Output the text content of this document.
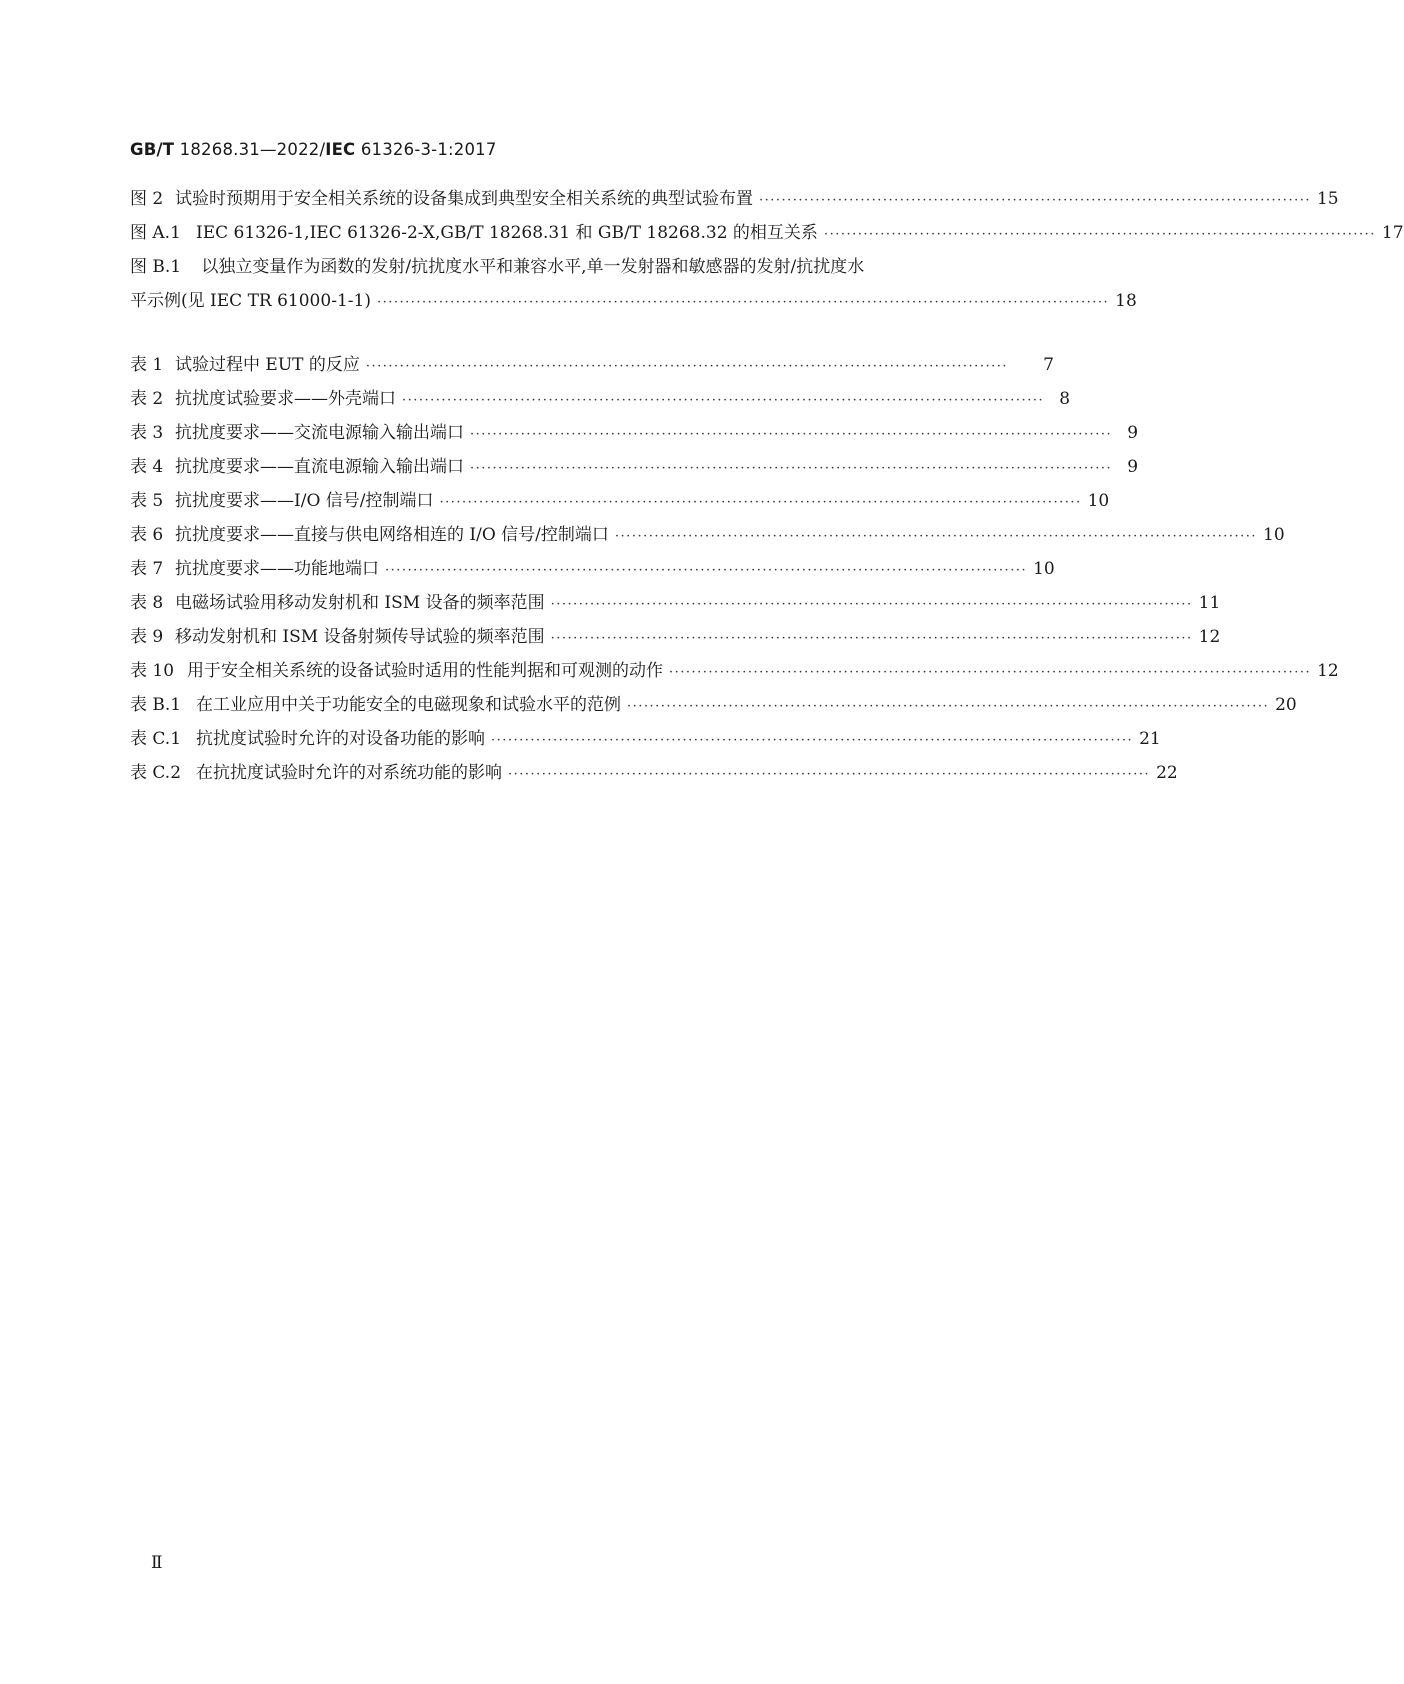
GB/T 18268.31—2022/IEC 61326-3-1:2017
图 2 试验时预期用于安全相关系统的设备集成到典型安全相关系统的典型试验布置 ·································································································· 15
图 A.1 IEC 61326-1,IEC 61326-2-X,GB/T 18268.31 和 GB/T 18268.32 的相互关系 ·································································································· 17
图 B.1 以独立变量作为函数的发射/抗扰度水平和兼容水平,单一发射器和敏感器的发射/抗扰度水
平示例(见 IEC TR 61000-1-1) ·································································································································· 18
表 1 试验过程中 EUT 的反应 ··················································································································	7
表 2 抗扰度试验要求——外壳端口 ·················································································································· 8
表 3 抗扰度要求——交流电源输入输出端口 ·················································································································· 9
表 4 抗扰度要求——直流电源输入输出端口 ·················································································································· 9
表 5 抗扰度要求——I/O 信号/控制端口 ·················································································································· 10
表 6 抗扰度要求——直接与供电网络相连的 I/O 信号/控制端口 ·················································································································· 10
表 7 抗扰度要求——功能地端口 ·················································································································· 10
表 8 电磁场试验用移动发射机和 ISM 设备的频率范围 ·················································································································· 11
表 9 移动发射机和 ISM 设备射频传导试验的频率范围 ·················································································································· 12
表 10 用于安全相关系统的设备试验时适用的性能判据和可观测的动作 ·················································································································· 12
表 B.1 在工业应用中关于功能安全的电磁现象和试验水平的范例 ·················································································································· 20
表 C.1 抗扰度试验时允许的对设备功能的影响 ·················································································································· 21
表 C.2 在抗扰度试验时允许的对系统功能的影响 ·················································································································· 22
Ⅱ
